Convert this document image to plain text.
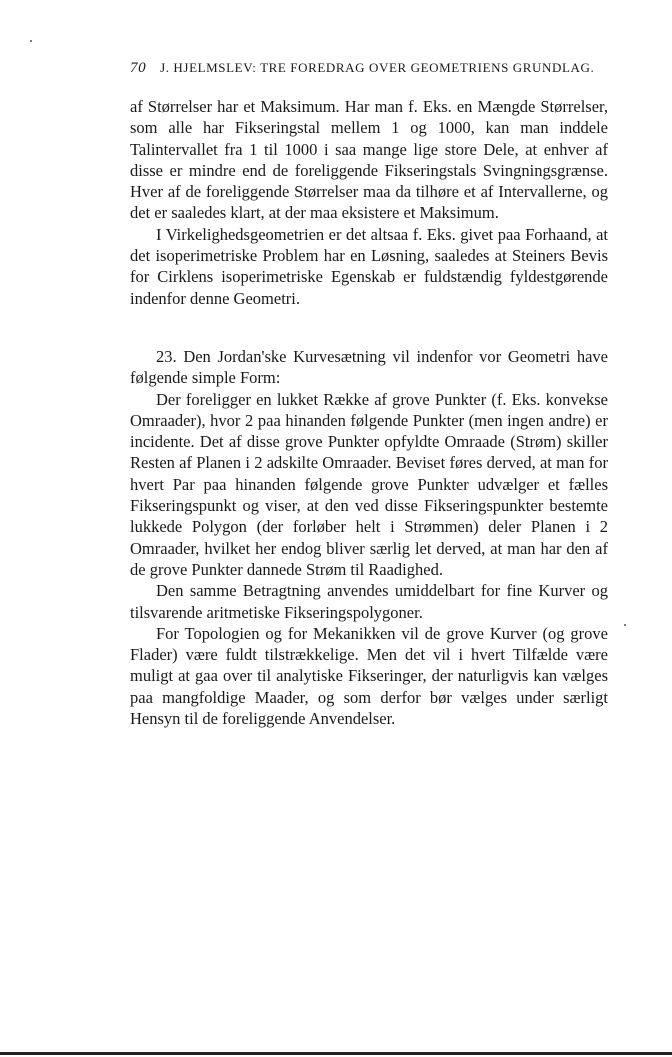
70 J. HJELMSLEV: TRE FOREDRAG OVER GEOMETRIENS GRUNDLAG.

af Størrelser har et Maksimum. Har man f. Eks. en Mængde Størrelser, som alle har Fikseringstal mellem 1 og 1000, kan man inddele Talintervallet fra 1 til 1000 i saa mange lige store Dele, at enhver af disse er mindre end de foreliggende Fikseringstals Svingningsgrænse. Hver af de foreliggende Størrelser maa da tilhøre et af Intervallerne, og det er saaledes klart, at der maa eksistere et Maksimum.

I Virkelighedsgeometrien er det altsaa f. Eks. givet paa Forhaand, at det isoperimetriske Problem har en Løsning, saaledes at Steiners Bevis for Cirklens isoperimetriske Egenskab er fuldstændig fyldestgørende indenfor denne Geometri.

23. Den Jordan'ske Kurvesætning vil indenfor vor Geometri have følgende simple Form:

Der foreligger en lukket Række af grove Punkter (f. Eks. konvekse Omraader), hvor 2 paa hinanden følgende Punkter (men ingen andre) er incidente. Det af disse grove Punkter opfyldte Omraade (Strøm) skiller Resten af Planen i 2 adskilte Omraader. Beviset føres derved, at man for hvert Par paa hinanden følgende grove Punkter udvælger et fælles Fikseringspunkt og viser, at den ved disse Fikseringspunkter bestemte lukkede Polygon (der forløber helt i Strømmen) deler Planen i 2 Omraader, hvilket her endog bliver særlig let derved, at man har den af de grove Punkter dannede Strøm til Raadighed.

Den samme Betragtning anvendes umiddelbart for fine Kurver og tilsvarende aritmetiske Fikseringspolygoner.

For Topologien og for Mekanikken vil de grove Kurver (og grove Flader) være fuldt tilstrækkelige. Men det vil i hvert Tilfælde være muligt at gaa over til analytiske Fikseringer, der naturligvis kan vælges paa mangfoldige Maader, og som derfor bør vælges under særligt Hensyn til de foreliggende Anvendelser.
